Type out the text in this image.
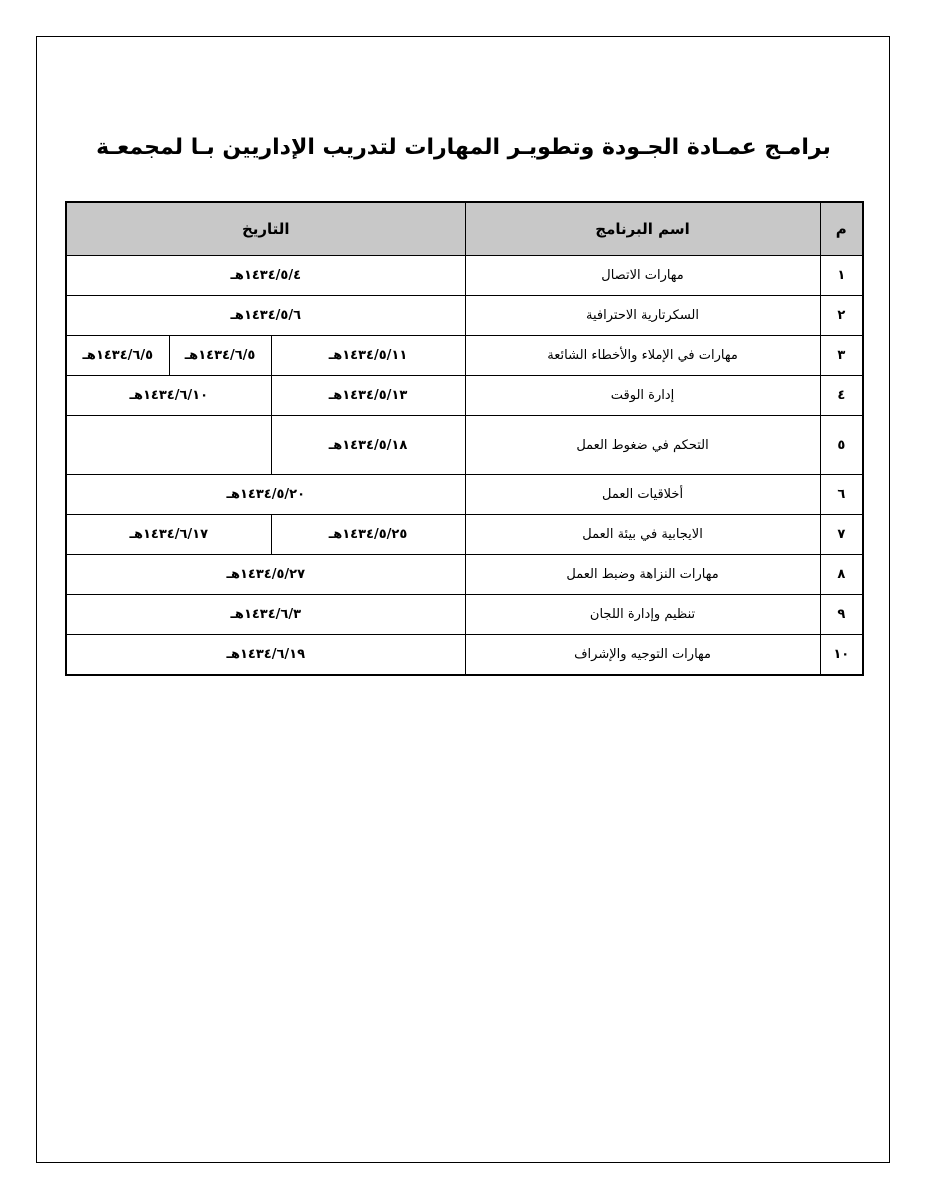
برامـج عمـادة الجـودة وتطويـر المهارات لتدريب الإداريين بـا لمجمعـة
م	اسم البرنامج	التاريخ		
١	مهارات الاتصال	١٤٣٤/٥/٤هـ		
٢	السكرتارية الاحترافية	١٤٣٤/٥/٦هـ		
٣	مهارات في الإملاء والأخطاء الشائعة	١٤٣٤/٥/١١هـ	١٤٣٤/٦/٥هـ	١٤٣٤/٦/٥هـ
٤	إدارة الوقت	١٤٣٤/٥/١٣هـ	١٤٣٤/٦/١٠هـ	
٥	التحكم في ضغوط العمل	١٤٣٤/٥/١٨هـ		
٦	أخلاقيات العمل	١٤٣٤/٥/٢٠هـ		
٧	الايجابية في بيئة العمل	١٤٣٤/٥/٢٥هـ	١٤٣٤/٦/١٧هـ	
٨	مهارات النزاهة وضبط العمل	١٤٣٤/٥/٢٧هـ		
٩	تنظيم وإدارة اللجان	١٤٣٤/٦/٣هـ		
١٠	مهارات التوجيه والإشراف	١٤٣٤/٦/١٩هـ		
